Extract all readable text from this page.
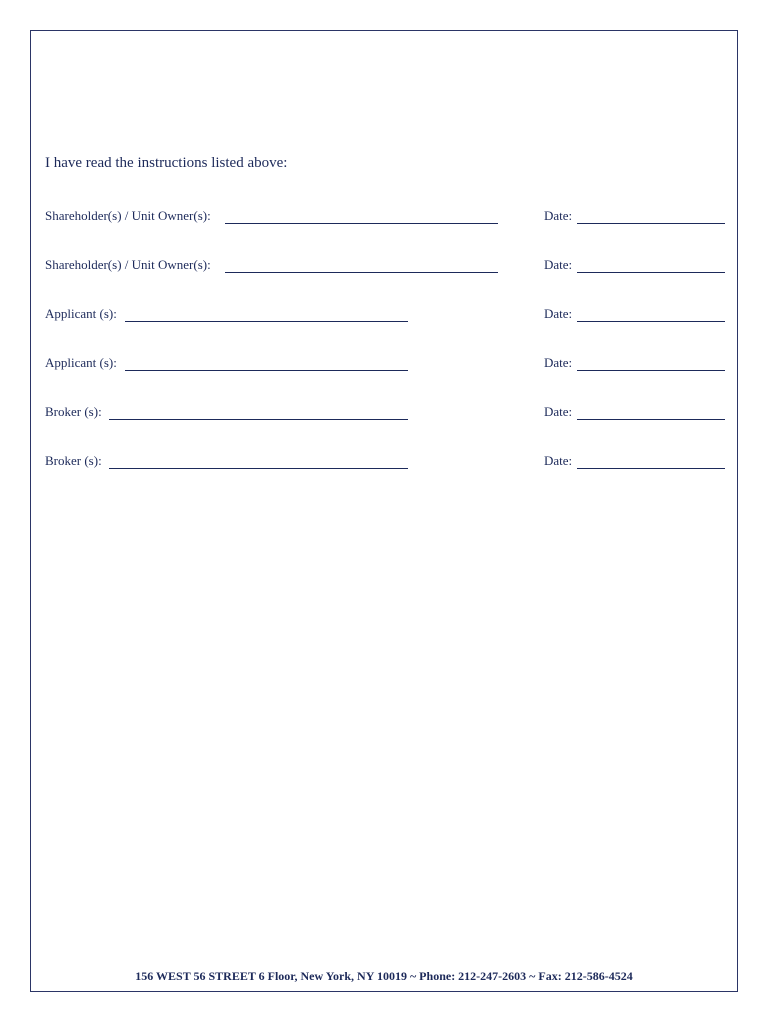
I have read the instructions listed above:
Shareholder(s) / Unit Owner(s):	Date:
Shareholder(s) / Unit Owner(s):	Date:
Applicant (s):	Date:
Applicant (s):	Date:
Broker (s):	Date:
Broker (s):	Date:
156 WEST 56 STREET 6 Floor, New York, NY 10019 ~ Phone: 212-247-2603 ~ Fax: 212-586-4524
